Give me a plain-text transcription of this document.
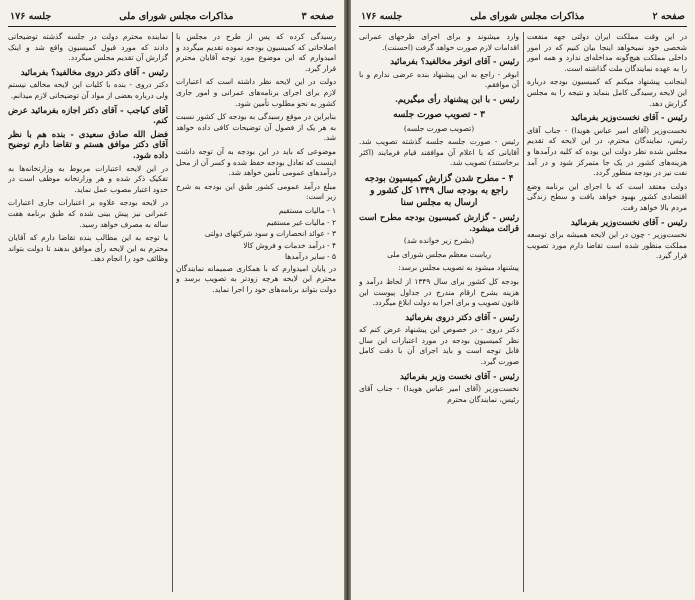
صفحه ۳
مذاکرات مجلس شورای ملی
جلسه ۱۷۶

رسیدگی کرده که پس از طرح در مجلس با اصلاحاتی که کمیسیون بودجه نموده تقدیم میگردد و امیدوارم که این موضوع مورد توجه آقایان محترم قرار گیرد.

دولت در این لایحه نظر داشته است که اعتبارات لازم برای اجرای برنامه‌های عمرانی و امور جاری کشور به نحو مطلوب تأمین شود.

بنابراین در موقع رسیدگی به بودجه کل کشور نسبت به هر یک از فصول آن توضیحات کافی داده خواهد شد.

موضوعی که باید در این بودجه به آن توجه داشت اینست که تعادل بودجه حفظ شده و کسر آن از محل درآمدهای عمومی تأمین خواهد شد.

مبلغ درآمد عمومی کشور طبق این بودجه به شرح زیر است:

۱ - مالیات مستقیم
۲ - مالیات غیر مستقیم
۳ - عوائد انحصارات و سود شرکتهای دولتی
۴ - درآمد خدمات و فروش کالا
۵ - سایر درآمدها

در پایان امیدوارم که با همکاری صمیمانه نمایندگان محترم این لایحه هرچه زودتر به تصویب برسد و دولت بتواند برنامه‌های خود را اجرا نماید.

نماینده محترم دولت در جلسه گذشته توضیحاتی دادند که مورد قبول کمیسیون واقع شد و اینک گزارش آن تقدیم مجلس میگردد.

رئیس - آقای دکتر دروی مخالفید؟ بفرمائید

دکتر دروی - بنده با کلیات این لایحه مخالف نیستم ولی درباره بعضی از مواد آن توضیحاتی لازم میدانم.

آقای کیاجب - آقای دکتر اجازه بفرمائید عرض کنم.

فضل الله صادق سعیدی - بنده هم با نظر آقای دکتر موافق هستم و تقاضا دارم توضیح داده شود.

در این لایحه اعتبارات مربوط به وزارتخانه‌ها به تفکیک ذکر شده و هر وزارتخانه موظف است در حدود اعتبار مصوب عمل نماید.

در لایحه بودجه علاوه بر اعتبارات جاری اعتبارات عمرانی نیز پیش بینی شده که طبق برنامه هفت ساله به مصرف خواهد رسید.

با توجه به این مطالب بنده تقاضا دارم که آقایان محترم به این لایحه رأی موافق بدهند تا دولت بتواند وظائف خود را انجام دهد.

صفحه ۲
مذاکرات مجلس شورای ملی
جلسه ۱۷۶

در این وقت مملکت ایران دولتی جهه منفعت شخصی خود نمیخواهد اینجا بیان کنیم که در امور داخلی مملکت هیچ‌گونه مداخله‌ای ندارد و همه امور را به عهده نمایندگان ملت گذاشته است.

اینجانب پیشنهاد میکنم که کمیسیون بودجه درباره این لایحه رسیدگی کامل بنماید و نتیجه را به مجلس گزارش دهد.

رئیس - آقای نخست‌وزیر بفرمائید

نخست‌وزیر (آقای امیر عباس هویدا) - جناب آقای رئیس، نمایندگان محترم، در این لایحه که تقدیم مجلس شده نظر دولت این بوده که کلیه درآمدها و هزینه‌های کشور در یک جا متمرکز شود و در آمد نفت نیز در بودجه منظور گردد.

دولت معتقد است که با اجرای این برنامه وضع اقتصادی کشور بهبود خواهد یافت و سطح زندگی مردم بالا خواهد رفت.

رئیس - آقای نخست‌وزیر بفرمائید

نخست‌وزیر - چون در این لایحه همیشه برای توسعه مملکت منظور شده است تقاضا دارم مورد تصویب قرار گیرد.

وارد میشوند و برای اجرای طرحهای عمرانی اقدامات لازم صورت خواهد گرفت (احسنت).

رئیس - آقای اتوفر مخالفید؟ بفرمائید

ابوفر - راجع به این پیشنهاد بنده عرضی ندارم و با آن موافقم.

رئیس - با این پیشنهاد رأی میگیریم.

۳ - تصویب صورت جلسه

(تصویب صورت جلسه)

رئیس - صورت جلسه جلسه گذشته تصویب شد. آقایانی که با اعلام آن موافقند قیام فرمایند (اکثر برخاستند) تصویب شد.

۴ - مطرح شدن گزارش کمیسیون بودجه راجع به بودجه سال ۱۳۴۹ کل کشور و ارسال به مجلس سنا

رئیس - گزارش کمیسیون بودجه مطرح است قرائت میشود.

(بشرح زیر خوانده شد)

ریاست معظم مجلس شورای ملی

پیشنهاد میشود به تصویب مجلس برسد:

بودجه کل کشور برای سال ۱۳۴۹ از لحاظ درآمد و هزینه بشرح ارقام مندرج در جداول پیوست این قانون تصویب و برای اجرا به دولت ابلاغ میگردد.

رئیس - آقای دکتر دروی بفرمائید

دکتر دروی - در خصوص این پیشنهاد عرض کنم که نظر کمیسیون بودجه در مورد اعتبارات این سال قابل توجه است و باید اجرای آن با دقت کامل صورت گیرد.

رئیس - آقای نخست وزیر بفرمائید

نخست‌وزیر (آقای امیر عباس هویدا) - جناب آقای رئیس، نمایندگان محترم
